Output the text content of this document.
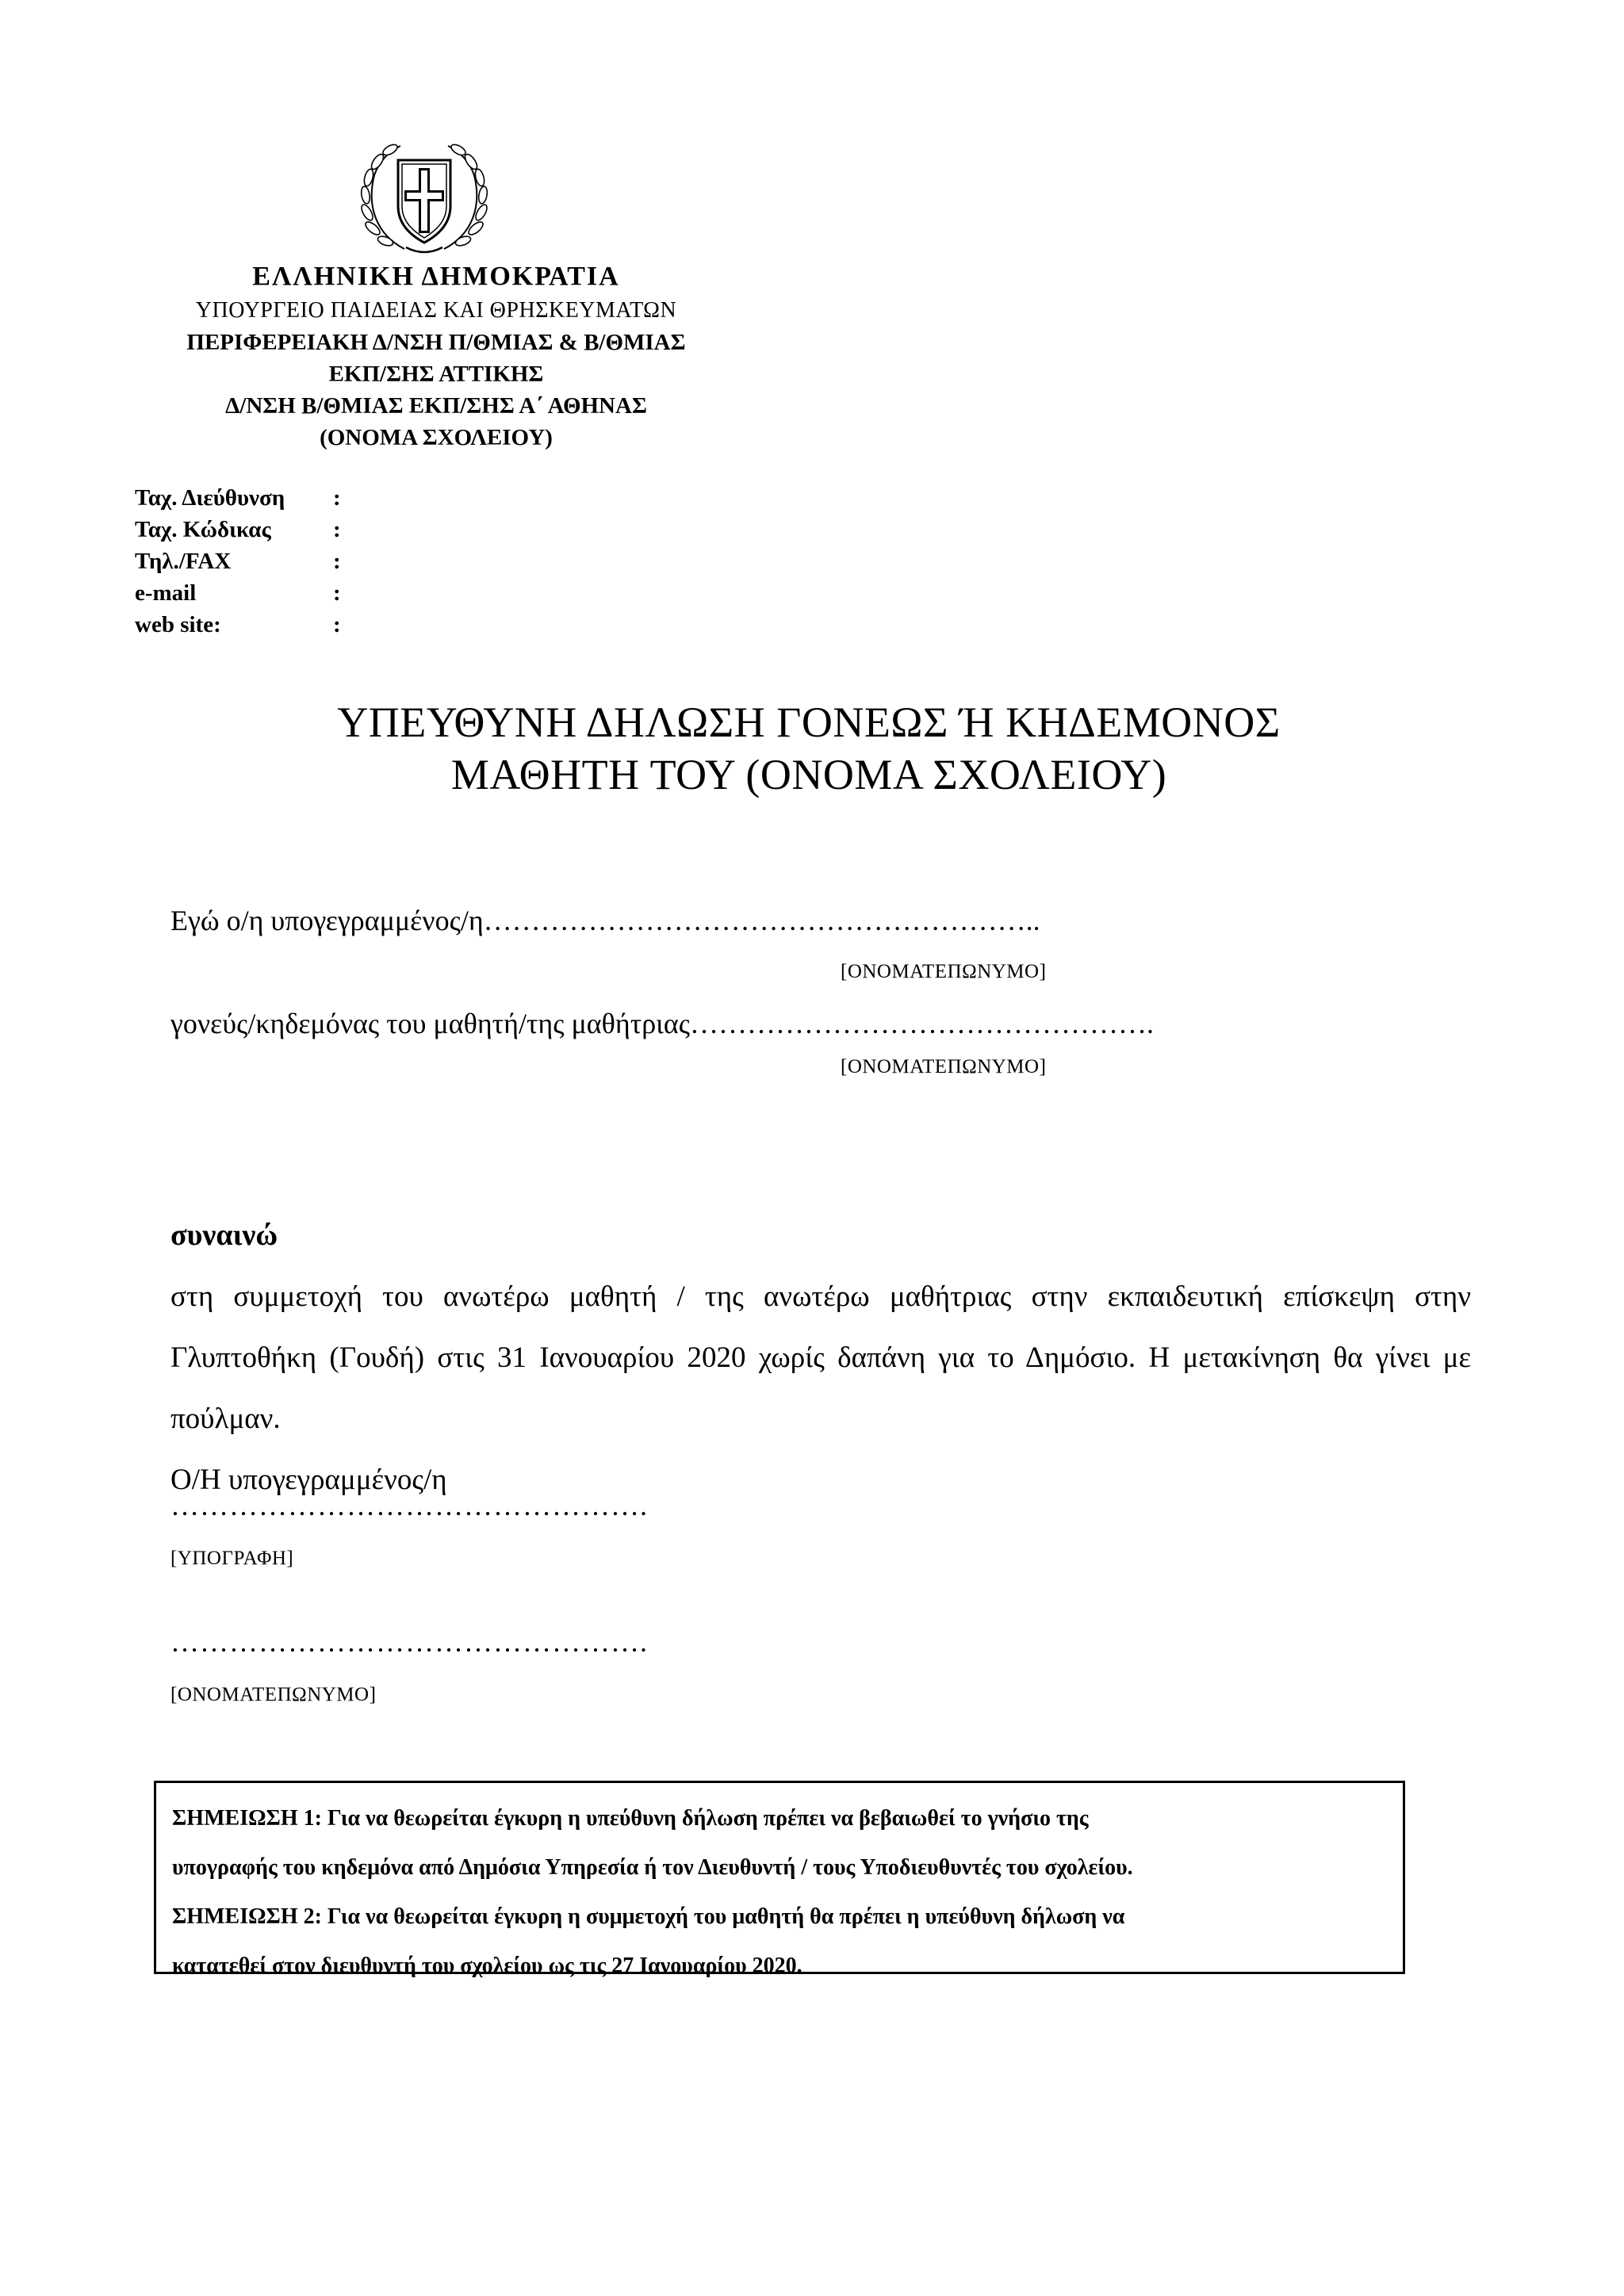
ΕΛΛΗΝΙΚΗ ΔΗΜΟΚΡΑΤΙΑ
ΥΠΟΥΡΓΕΙΟ ΠΑΙΔΕΙΑΣ ΚΑΙ ΘΡΗΣΚΕΥΜΑΤΩΝ
ΠΕΡΙΦΕΡΕΙΑΚΗ Δ/ΝΣΗ Π/ΘΜΙΑΣ & Β/ΘΜΙΑΣ
ΕΚΠ/ΣΗΣ ΑΤΤΙΚΗΣ
Δ/ΝΣΗ Β/ΘΜΙΑΣ ΕΚΠ/ΣΗΣ Α΄ ΑΘΗΝΑΣ
(ΟΝΟΜΑ ΣΧΟΛΕΙΟΥ)
Ταχ. Διεύθυνση	:
Ταχ. Κώδικας	:
Τηλ./FAX	:
e-mail	:
web site:	:
ΥΠΕΥΘΥΝΗ ΔΗΛΩΣΗ ΓΟΝΕΩΣ Ή ΚΗΔΕΜΟΝΟΣ
ΜΑΘΗΤΗ ΤΟΥ (ΟΝΟΜΑ ΣΧΟΛΕΙΟΥ)
Εγώ ο/η υπογεγραμμένος/η…………………………………………………..
[ΟΝΟΜΑΤΕΠΩΝΥΜΟ]
γονεύς/κηδεμόνας του μαθητή/της μαθήτριας………………………………………….
[ΟΝΟΜΑΤΕΠΩΝΥΜΟ]
συναινώ
στη συμμετοχή του ανωτέρω μαθητή / της ανωτέρω μαθήτριας στην εκπαιδευτική επίσκεψη στην Γλυπτοθήκη (Γουδή) στις 31 Ιανουαρίου 2020 χωρίς δαπάνη για το Δημόσιο. Η μετακίνηση θα γίνει με πούλμαν.
Ο/Η υπογεγραμμένος/η
………………………………………….
[ΥΠΟΓΡΑΦΗ]
………………………………………….
[ΟΝΟΜΑΤΕΠΩΝΥΜΟ]
ΣΗΜΕΙΩΣΗ 1: Για να θεωρείται έγκυρη η υπεύθυνη δήλωση πρέπει να βεβαιωθεί το γνήσιο της
υπογραφής του κηδεμόνα από Δημόσια Υπηρεσία ή τον Διευθυντή / τους Υποδιευθυντές του σχολείου.
ΣΗΜΕΙΩΣΗ 2: Για να θεωρείται έγκυρη η συμμετοχή του μαθητή θα πρέπει η υπεύθυνη δήλωση να
κατατεθεί στον διευθυντή του σχολείου ως τις 27 Ιανουαρίου 2020.
